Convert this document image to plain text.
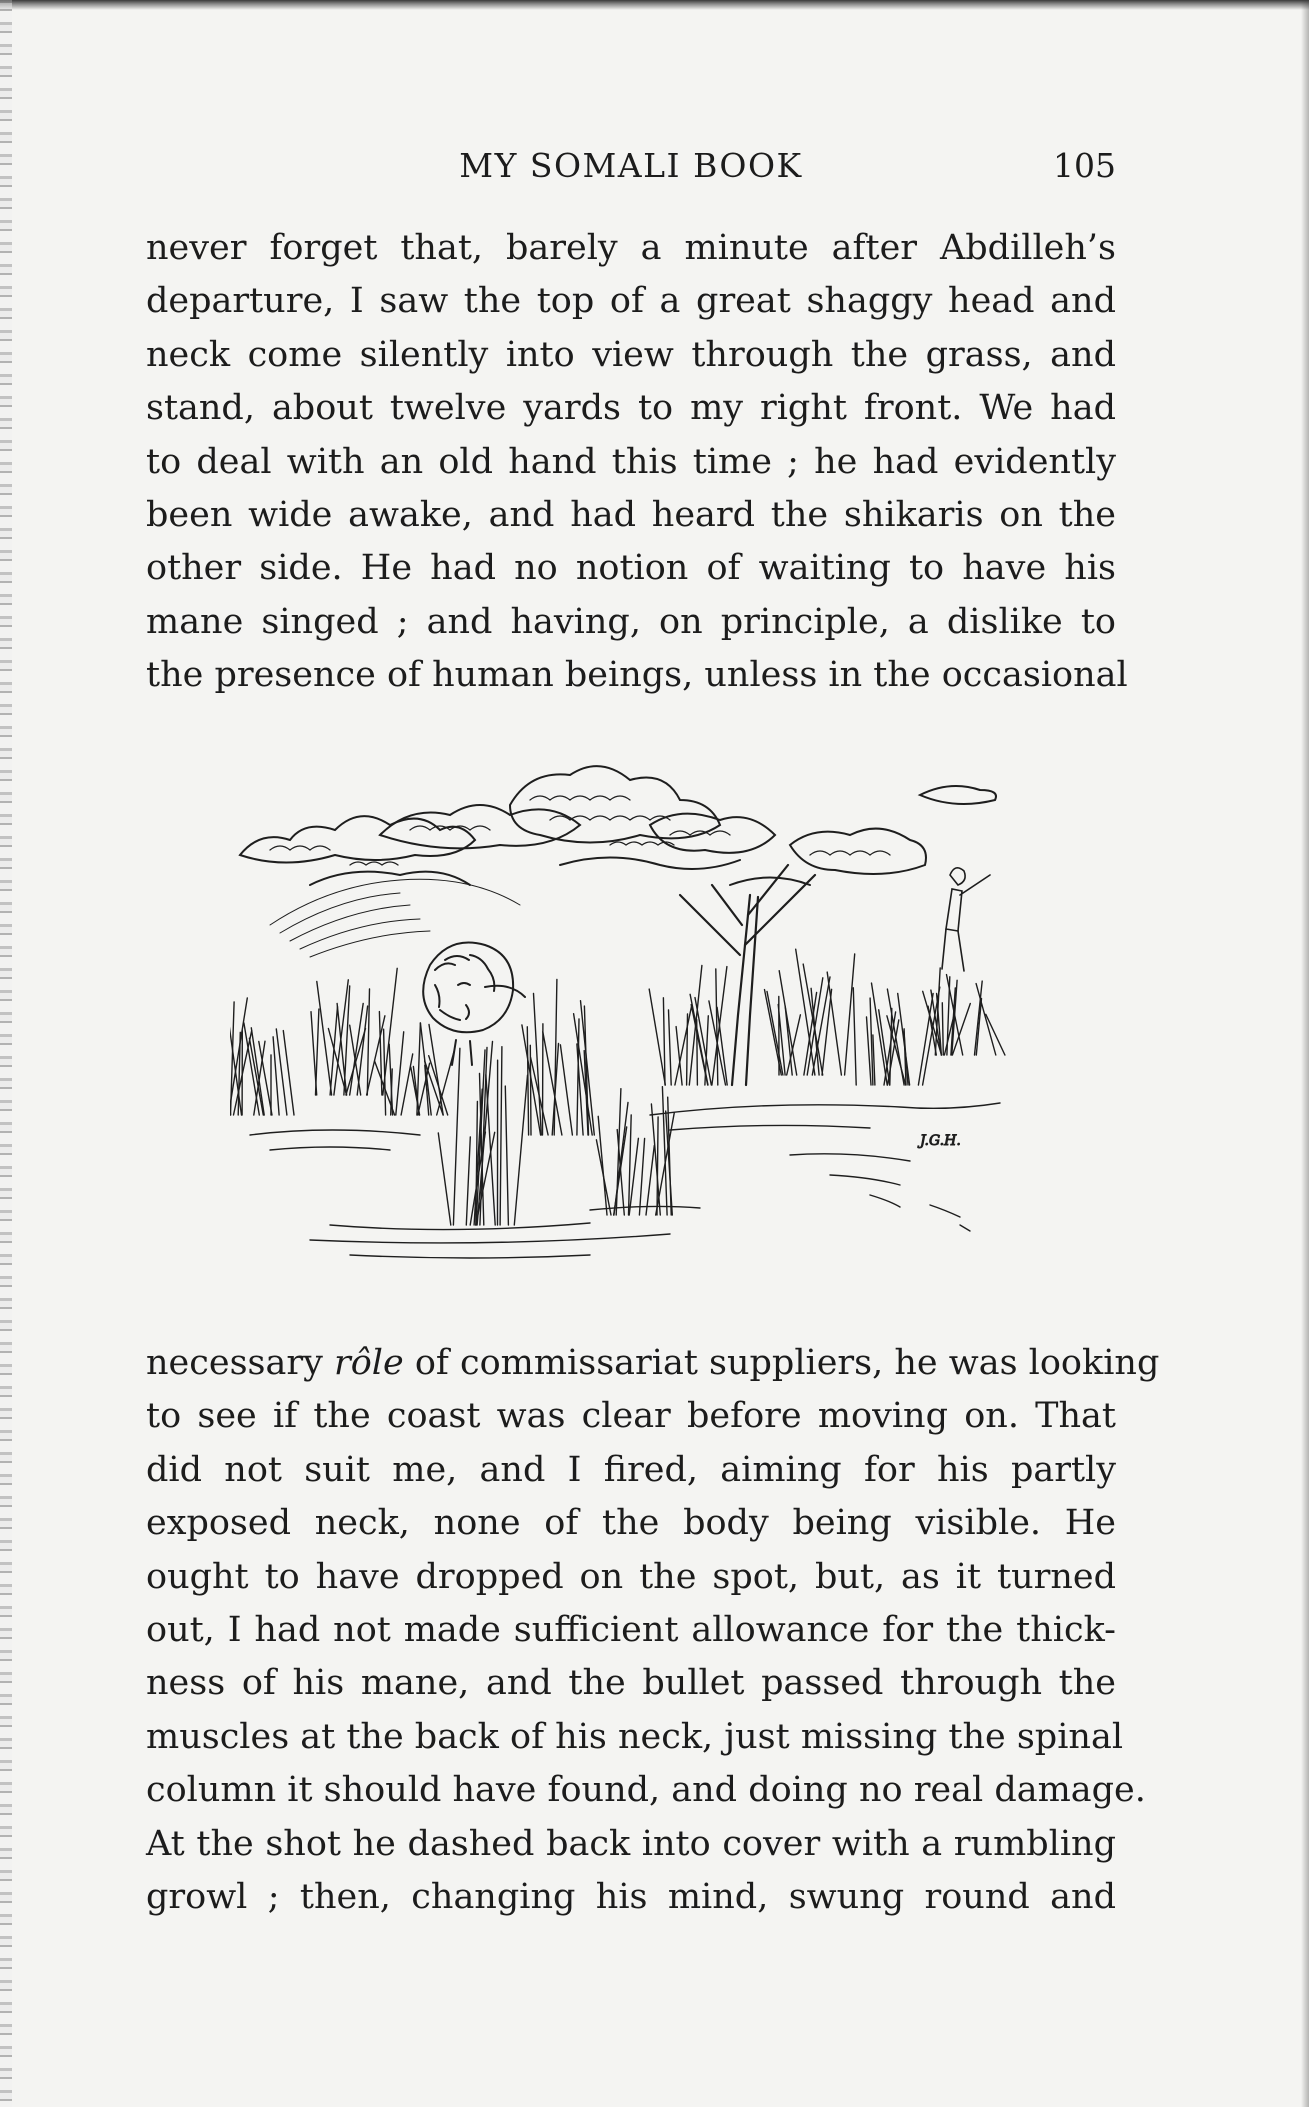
MY SOMALI BOOK	105
never forget that, barely a minute after Abdilleh’s
departure, I saw the top of a great shaggy head and
neck come silently into view through the grass, and
stand, about twelve yards to my right front. We had
to deal with an old hand this time ; he had evidently
been wide awake, and had heard the shikaris on the
other side. He had no notion of waiting to have his
mane singed ; and having, on principle, a dislike to
the presence of human beings, unless in the occasional
J.G.H.
necessary rôle of commissariat suppliers, he was looking
to see if the coast was clear before moving on. That
did not suit me, and I fired, aiming for his partly
exposed neck, none of the body being visible. He
ought to have dropped on the spot, but, as it turned
out, I had not made sufficient allowance for the thick-
ness of his mane, and the bullet passed through the
muscles at the back of his neck, just missing the spinal
column it should have found, and doing no real damage.
At the shot he dashed back into cover with a rumbling
growl ; then, changing his mind, swung round and
